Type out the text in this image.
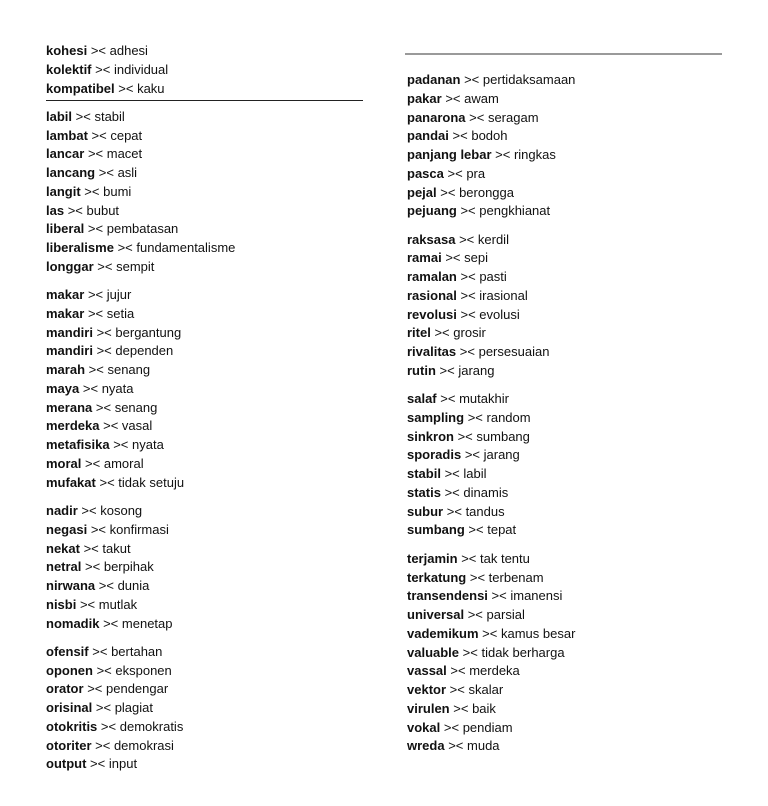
kohesi >< adhesi
kolektif >< individual
kompatibel >< kaku
labil >< stabil
lambat >< cepat
lancar >< macet
lancang >< asli
langit >< bumi
las >< bubut
liberal >< pembatasan
liberalisme >< fundamentalisme
longgar >< sempit
makar >< jujur
makar >< setia
mandiri >< bergantung
mandiri >< dependen
marah >< senang
maya >< nyata
merana >< senang
merdeka >< vasal
metafisika >< nyata
moral >< amoral
mufakat >< tidak setuju
nadir >< kosong
negasi >< konfirmasi
nekat >< takut
netral >< berpihak
nirwana >< dunia
nisbi >< mutlak
nomadik >< menetap
ofensif >< bertahan
oponen >< eksponen
orator >< pendengar
orisinal >< plagiat
otokritis >< demokratis
otoriter >< demokrasi
output >< input
padanan >< pertidaksamaan
pakar >< awam
panarona >< seragam
pandai >< bodoh
panjang lebar >< ringkas
pasca >< pra
pejal >< berongga
pejuang >< pengkhianat
raksasa >< kerdil
ramai >< sepi
ramalan >< pasti
rasional >< irasional
revolusi >< evolusi
ritel >< grosir
rivalitas >< persesuaian
rutin >< jarang
salaf >< mutakhir
sampling >< random
sinkron >< sumbang
sporadis >< jarang
stabil >< labil
statis >< dinamis
subur >< tandus
sumbang >< tepat
terjamin >< tak tentu
terkatung >< terbenam
transendensi >< imanensi
universal >< parsial
vademikum >< kamus besar
valuable >< tidak berharga
vassal >< merdeka
vektor >< skalar
virulen >< baik
vokal >< pendiam
wreda >< muda
